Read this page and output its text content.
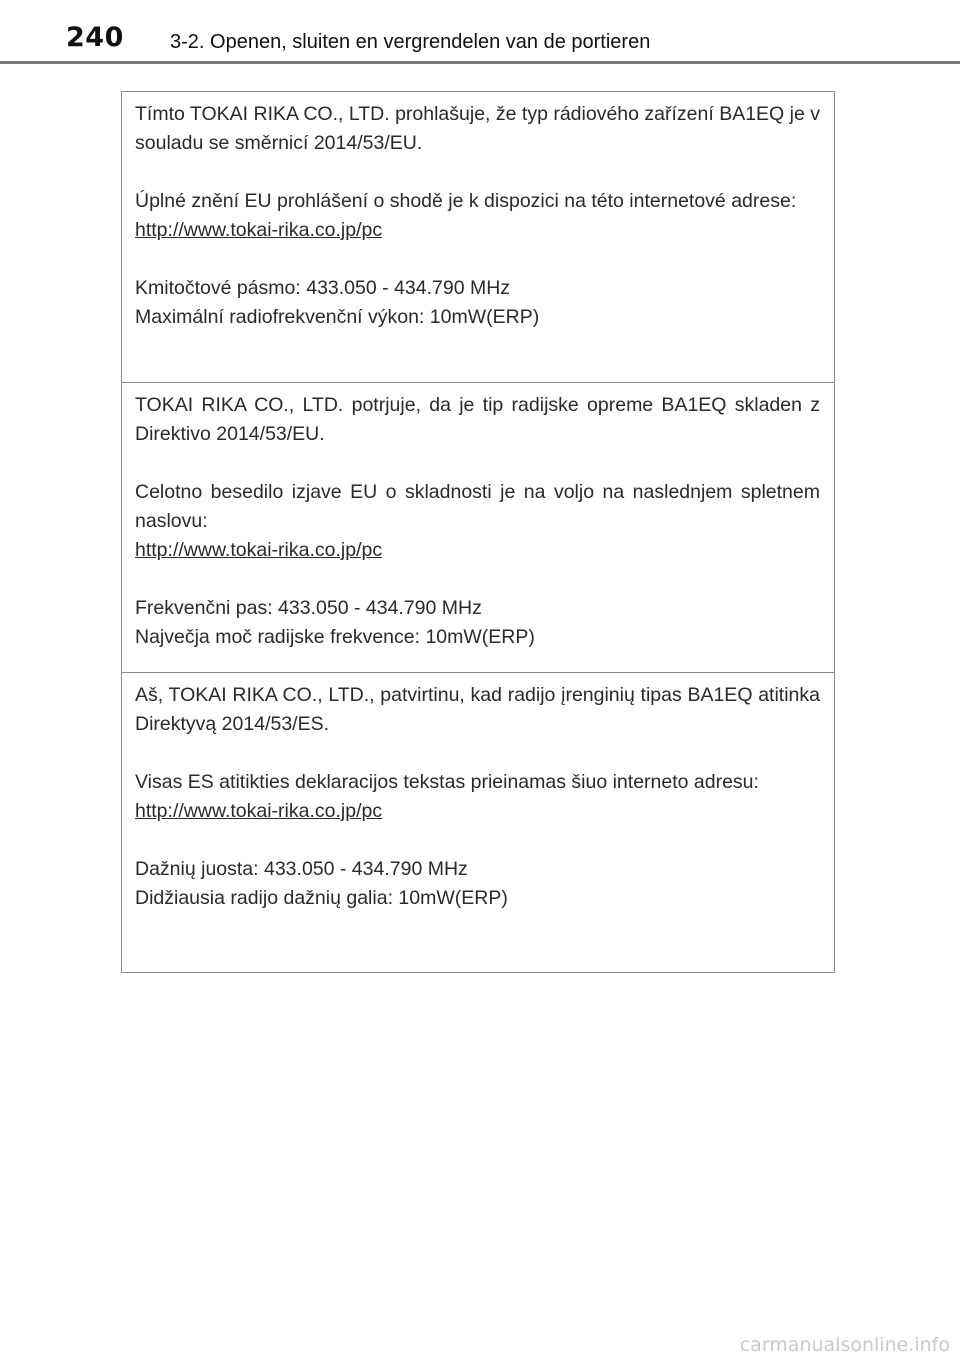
240 3-2. Openen, sluiten en vergrendelen van de portieren

Tímto TOKAI RIKA CO., LTD. prohlašuje, že typ rádiového zařízení BA1EQ je v souladu se směrnicí 2014/53/EU.

Úplné znění EU prohlášení o shodě je k dispozici na této internetové adrese:

http://www.tokai-rika.co.jp/pc

Kmitočtové pásmo: 433.050 - 434.790 MHz

Maximální radiofrekvenční výkon: 10mW(ERP)

TOKAI RIKA CO., LTD. potrjuje, da je tip radijske opreme BA1EQ skladen z Direktivo 2014/53/EU.

Celotno besedilo izjave EU o skladnosti je na voljo na naslednjem spletnem naslovu:

http://www.tokai-rika.co.jp/pc

Frekvenčni pas: 433.050 - 434.790 MHz

Največja moč radijske frekvence: 10mW(ERP)

Aš, TOKAI RIKA CO., LTD., patvirtinu, kad radijo įrenginių tipas BA1EQ atitinka Direktyvą 2014/53/ES.

Visas ES atitikties deklaracijos tekstas prieinamas šiuo interneto adresu:

http://www.tokai-rika.co.jp/pc

Dažnių juosta: 433.050 - 434.790 MHz

Didžiausia radijo dažnių galia: 10mW(ERP)

carmanualsonline.info
